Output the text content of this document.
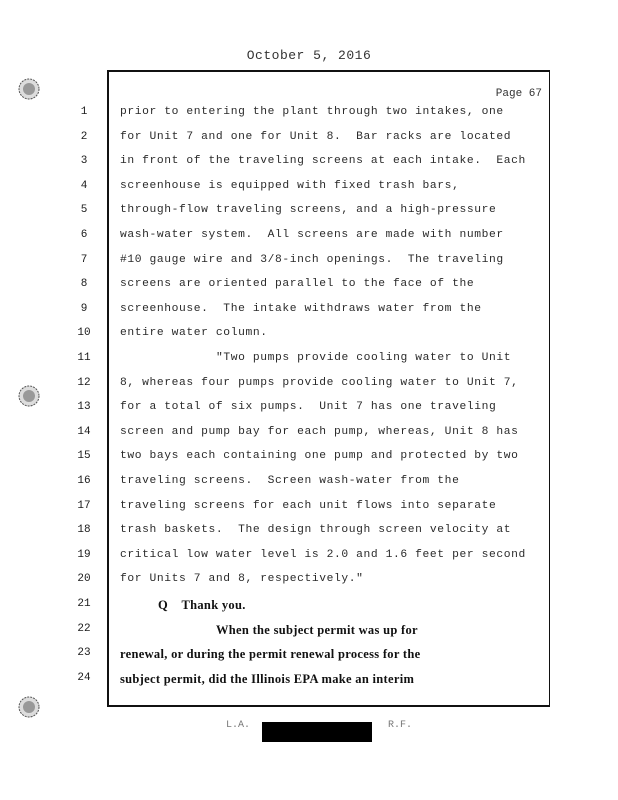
October 5, 2016
Page 67
1	prior to entering the plant through two intakes, one
2	for Unit 7 and one for Unit 8.  Bar racks are located
3	in front of the traveling screens at each intake.  Each
4	screenhouse is equipped with fixed trash bars,
5	through-flow traveling screens, and a high-pressure
6	wash-water system.  All screens are made with number
7	#10 gauge wire and 3/8-inch openings.  The traveling
8	screens are oriented parallel to the face of the
9	screenhouse.  The intake withdraws water from the
10	entire water column.
11	"Two pumps provide cooling water to Unit
12	8, whereas four pumps provide cooling water to Unit 7,
13	for a total of six pumps.  Unit 7 has one traveling
14	screen and pump bay for each pump, whereas, Unit 8 has
15	two bays each containing one pump and protected by two
16	traveling screens.  Screen wash-water from the
17	traveling screens for each unit flows into separate
18	trash baskets.  The design through screen velocity at
19	critical low water level is 2.0 and 1.6 feet per second
20	for Units 7 and 8, respectively."
21	Q    Thank you.
22	When the subject permit was up for
23	renewal, or during the permit renewal process for the
24	subject permit, did the Illinois EPA make an interim
L.A.	R.F.
